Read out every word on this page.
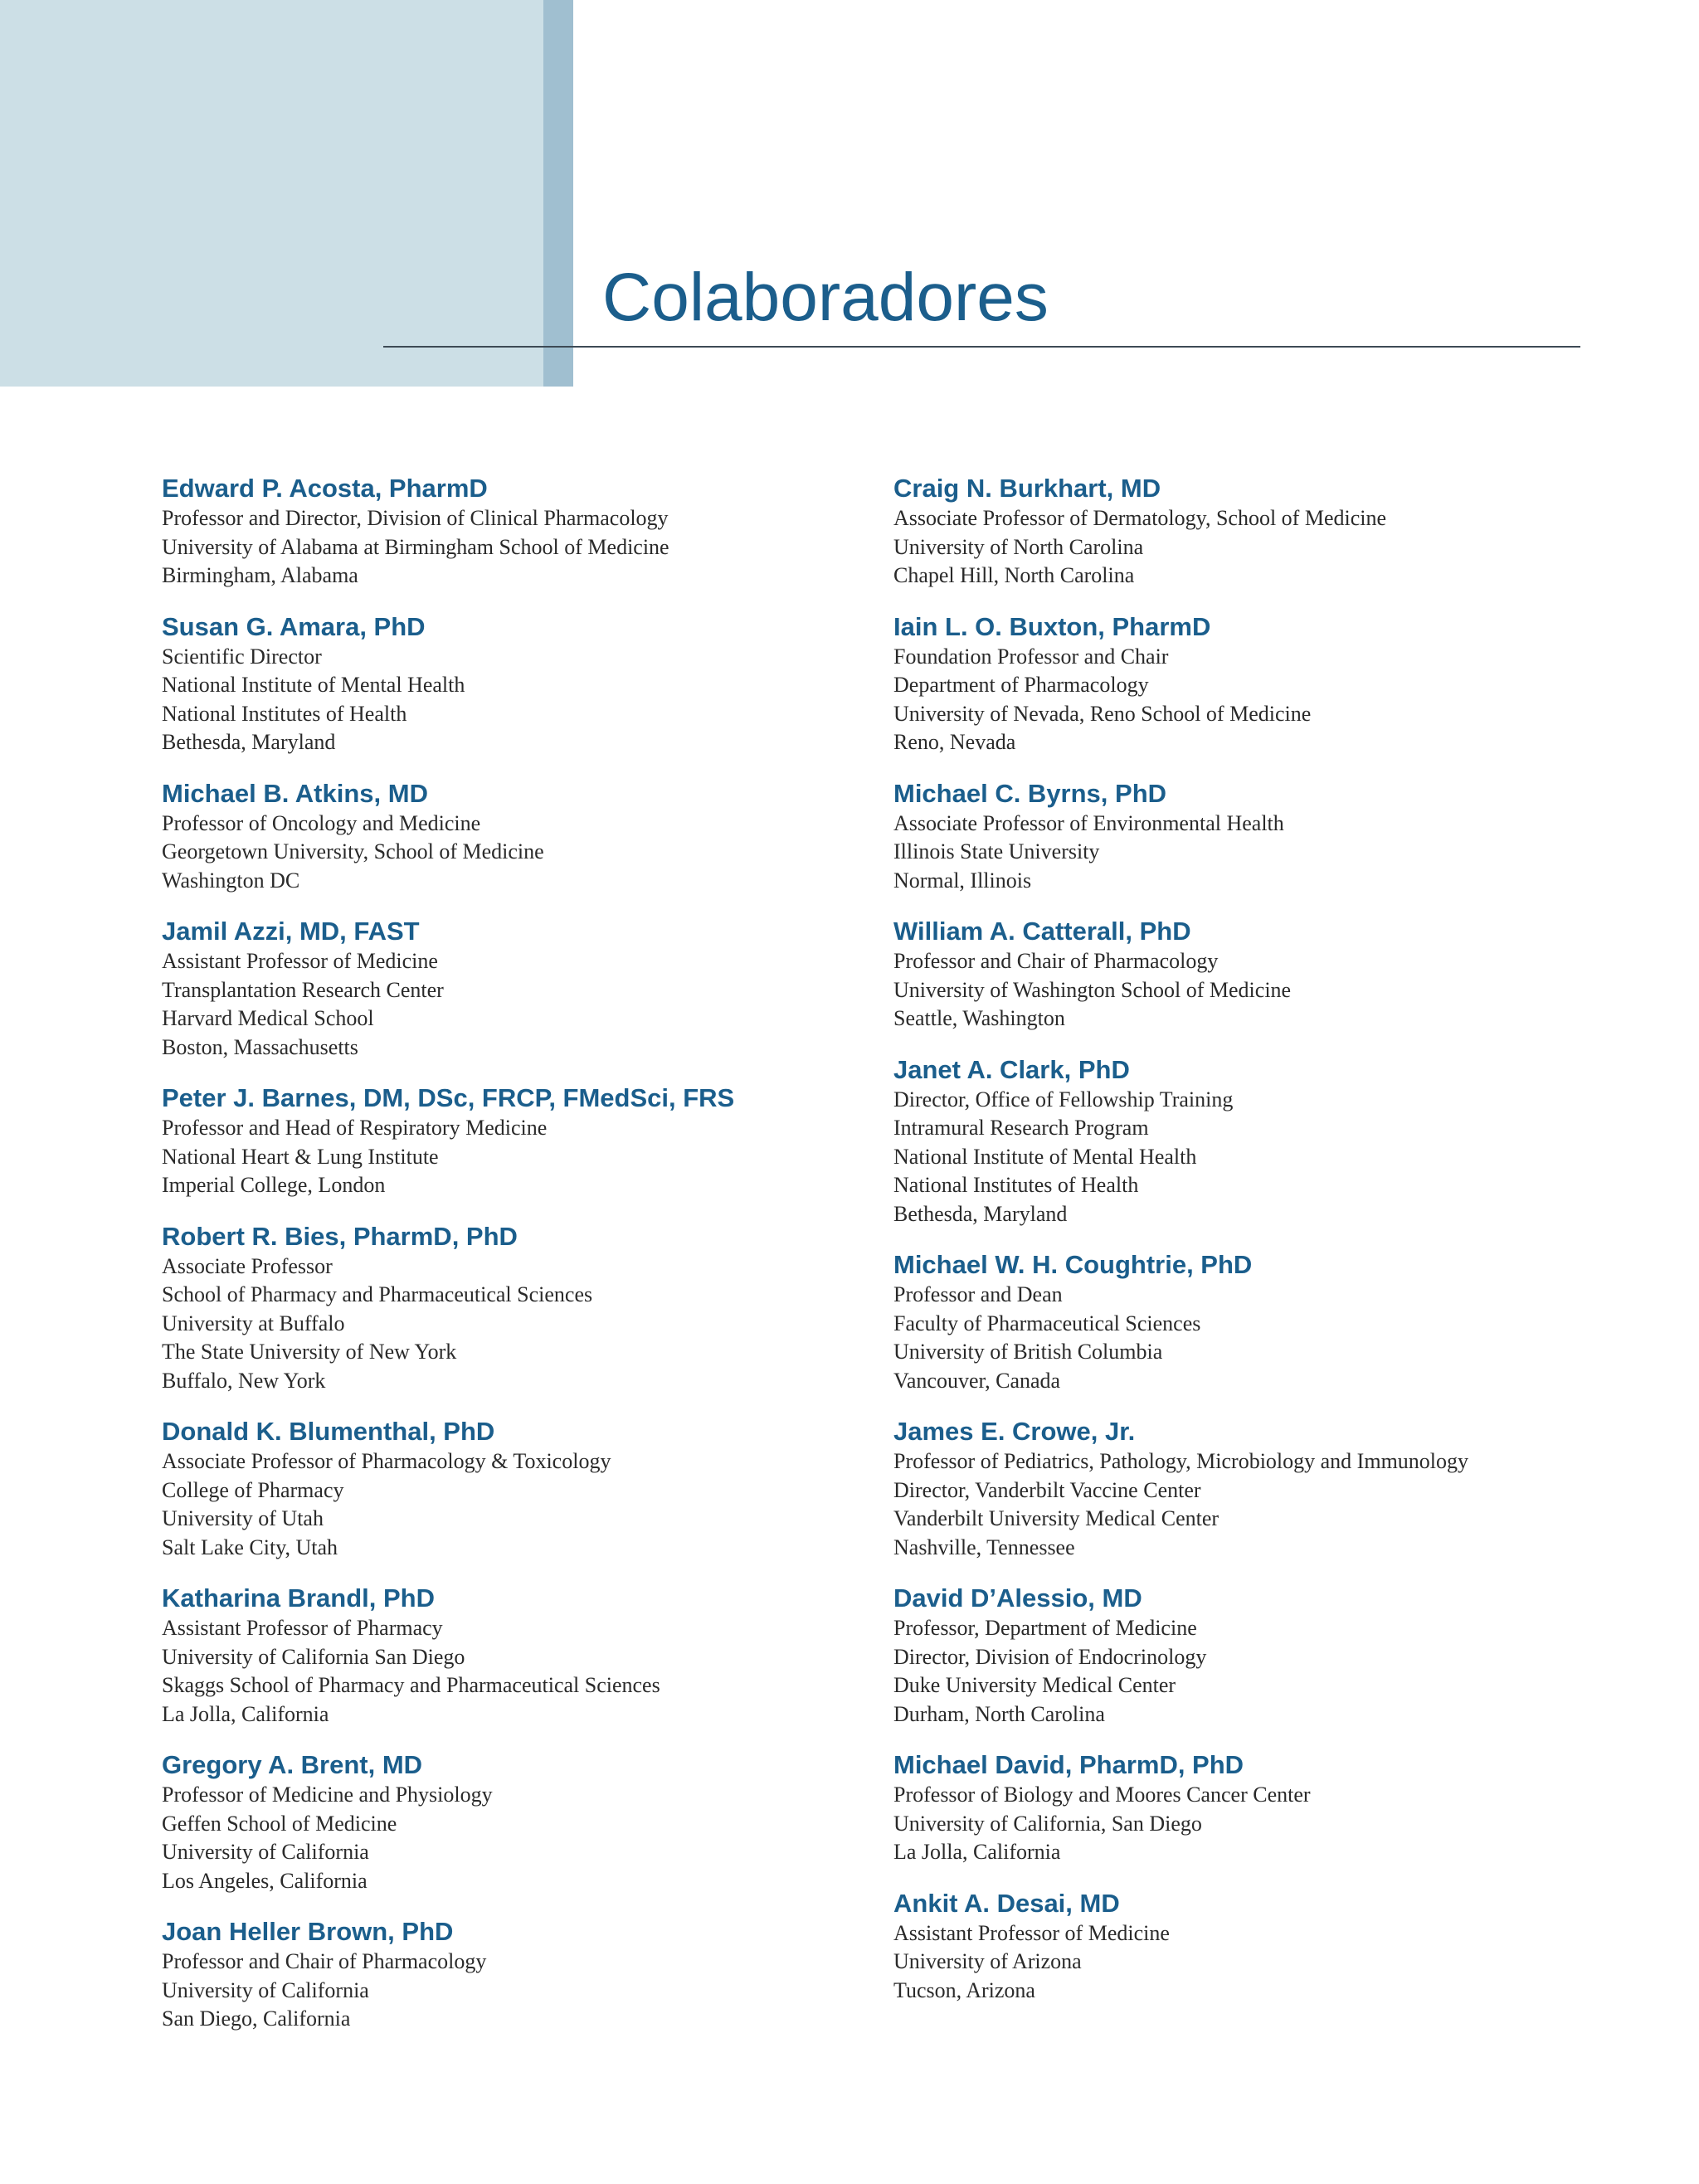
Colaboradores
Edward P. Acosta, PharmD
Professor and Director, Division of Clinical Pharmacology
University of Alabama at Birmingham School of Medicine
Birmingham, Alabama
Susan G. Amara, PhD
Scientific Director
National Institute of Mental Health
National Institutes of Health
Bethesda, Maryland
Michael B. Atkins, MD
Professor of Oncology and Medicine
Georgetown University, School of Medicine
Washington DC
Jamil Azzi, MD, FAST
Assistant Professor of Medicine
Transplantation Research Center
Harvard Medical School
Boston, Massachusetts
Peter J. Barnes, DM, DSc, FRCP, FMedSci, FRS
Professor and Head of Respiratory Medicine
National Heart & Lung Institute
Imperial College, London
Robert R. Bies, PharmD, PhD
Associate Professor
School of Pharmacy and Pharmaceutical Sciences
University at Buffalo
The State University of New York
Buffalo, New York
Donald K. Blumenthal, PhD
Associate Professor of Pharmacology & Toxicology
College of Pharmacy
University of Utah
Salt Lake City, Utah
Katharina Brandl, PhD
Assistant Professor of Pharmacy
University of California San Diego
Skaggs School of Pharmacy and Pharmaceutical Sciences
La Jolla, California
Gregory A. Brent, MD
Professor of Medicine and Physiology
Geffen School of Medicine
University of California
Los Angeles, California
Joan Heller Brown, PhD
Professor and Chair of Pharmacology
University of California
San Diego, California
Craig N. Burkhart, MD
Associate Professor of Dermatology, School of Medicine
University of North Carolina
Chapel Hill, North Carolina
Iain L. O. Buxton, PharmD
Foundation Professor and Chair
Department of Pharmacology
University of Nevada, Reno School of Medicine
Reno, Nevada
Michael C. Byrns, PhD
Associate Professor of Environmental Health
Illinois State University
Normal, Illinois
William A. Catterall, PhD
Professor and Chair of Pharmacology
University of Washington School of Medicine
Seattle, Washington
Janet A. Clark, PhD
Director, Office of Fellowship Training
Intramural Research Program
National Institute of Mental Health
National Institutes of Health
Bethesda, Maryland
Michael W. H. Coughtrie, PhD
Professor and Dean
Faculty of Pharmaceutical Sciences
University of British Columbia
Vancouver, Canada
James E. Crowe, Jr.
Professor of Pediatrics, Pathology, Microbiology and Immunology
Director, Vanderbilt Vaccine Center
Vanderbilt University Medical Center
Nashville, Tennessee
David D’Alessio, MD
Professor, Department of Medicine
Director, Division of Endocrinology
Duke University Medical Center
Durham, North Carolina
Michael David, PharmD, PhD
Professor of Biology and Moores Cancer Center
University of California, San Diego
La Jolla, California
Ankit A. Desai, MD
Assistant Professor of Medicine
University of Arizona
Tucson, Arizona
